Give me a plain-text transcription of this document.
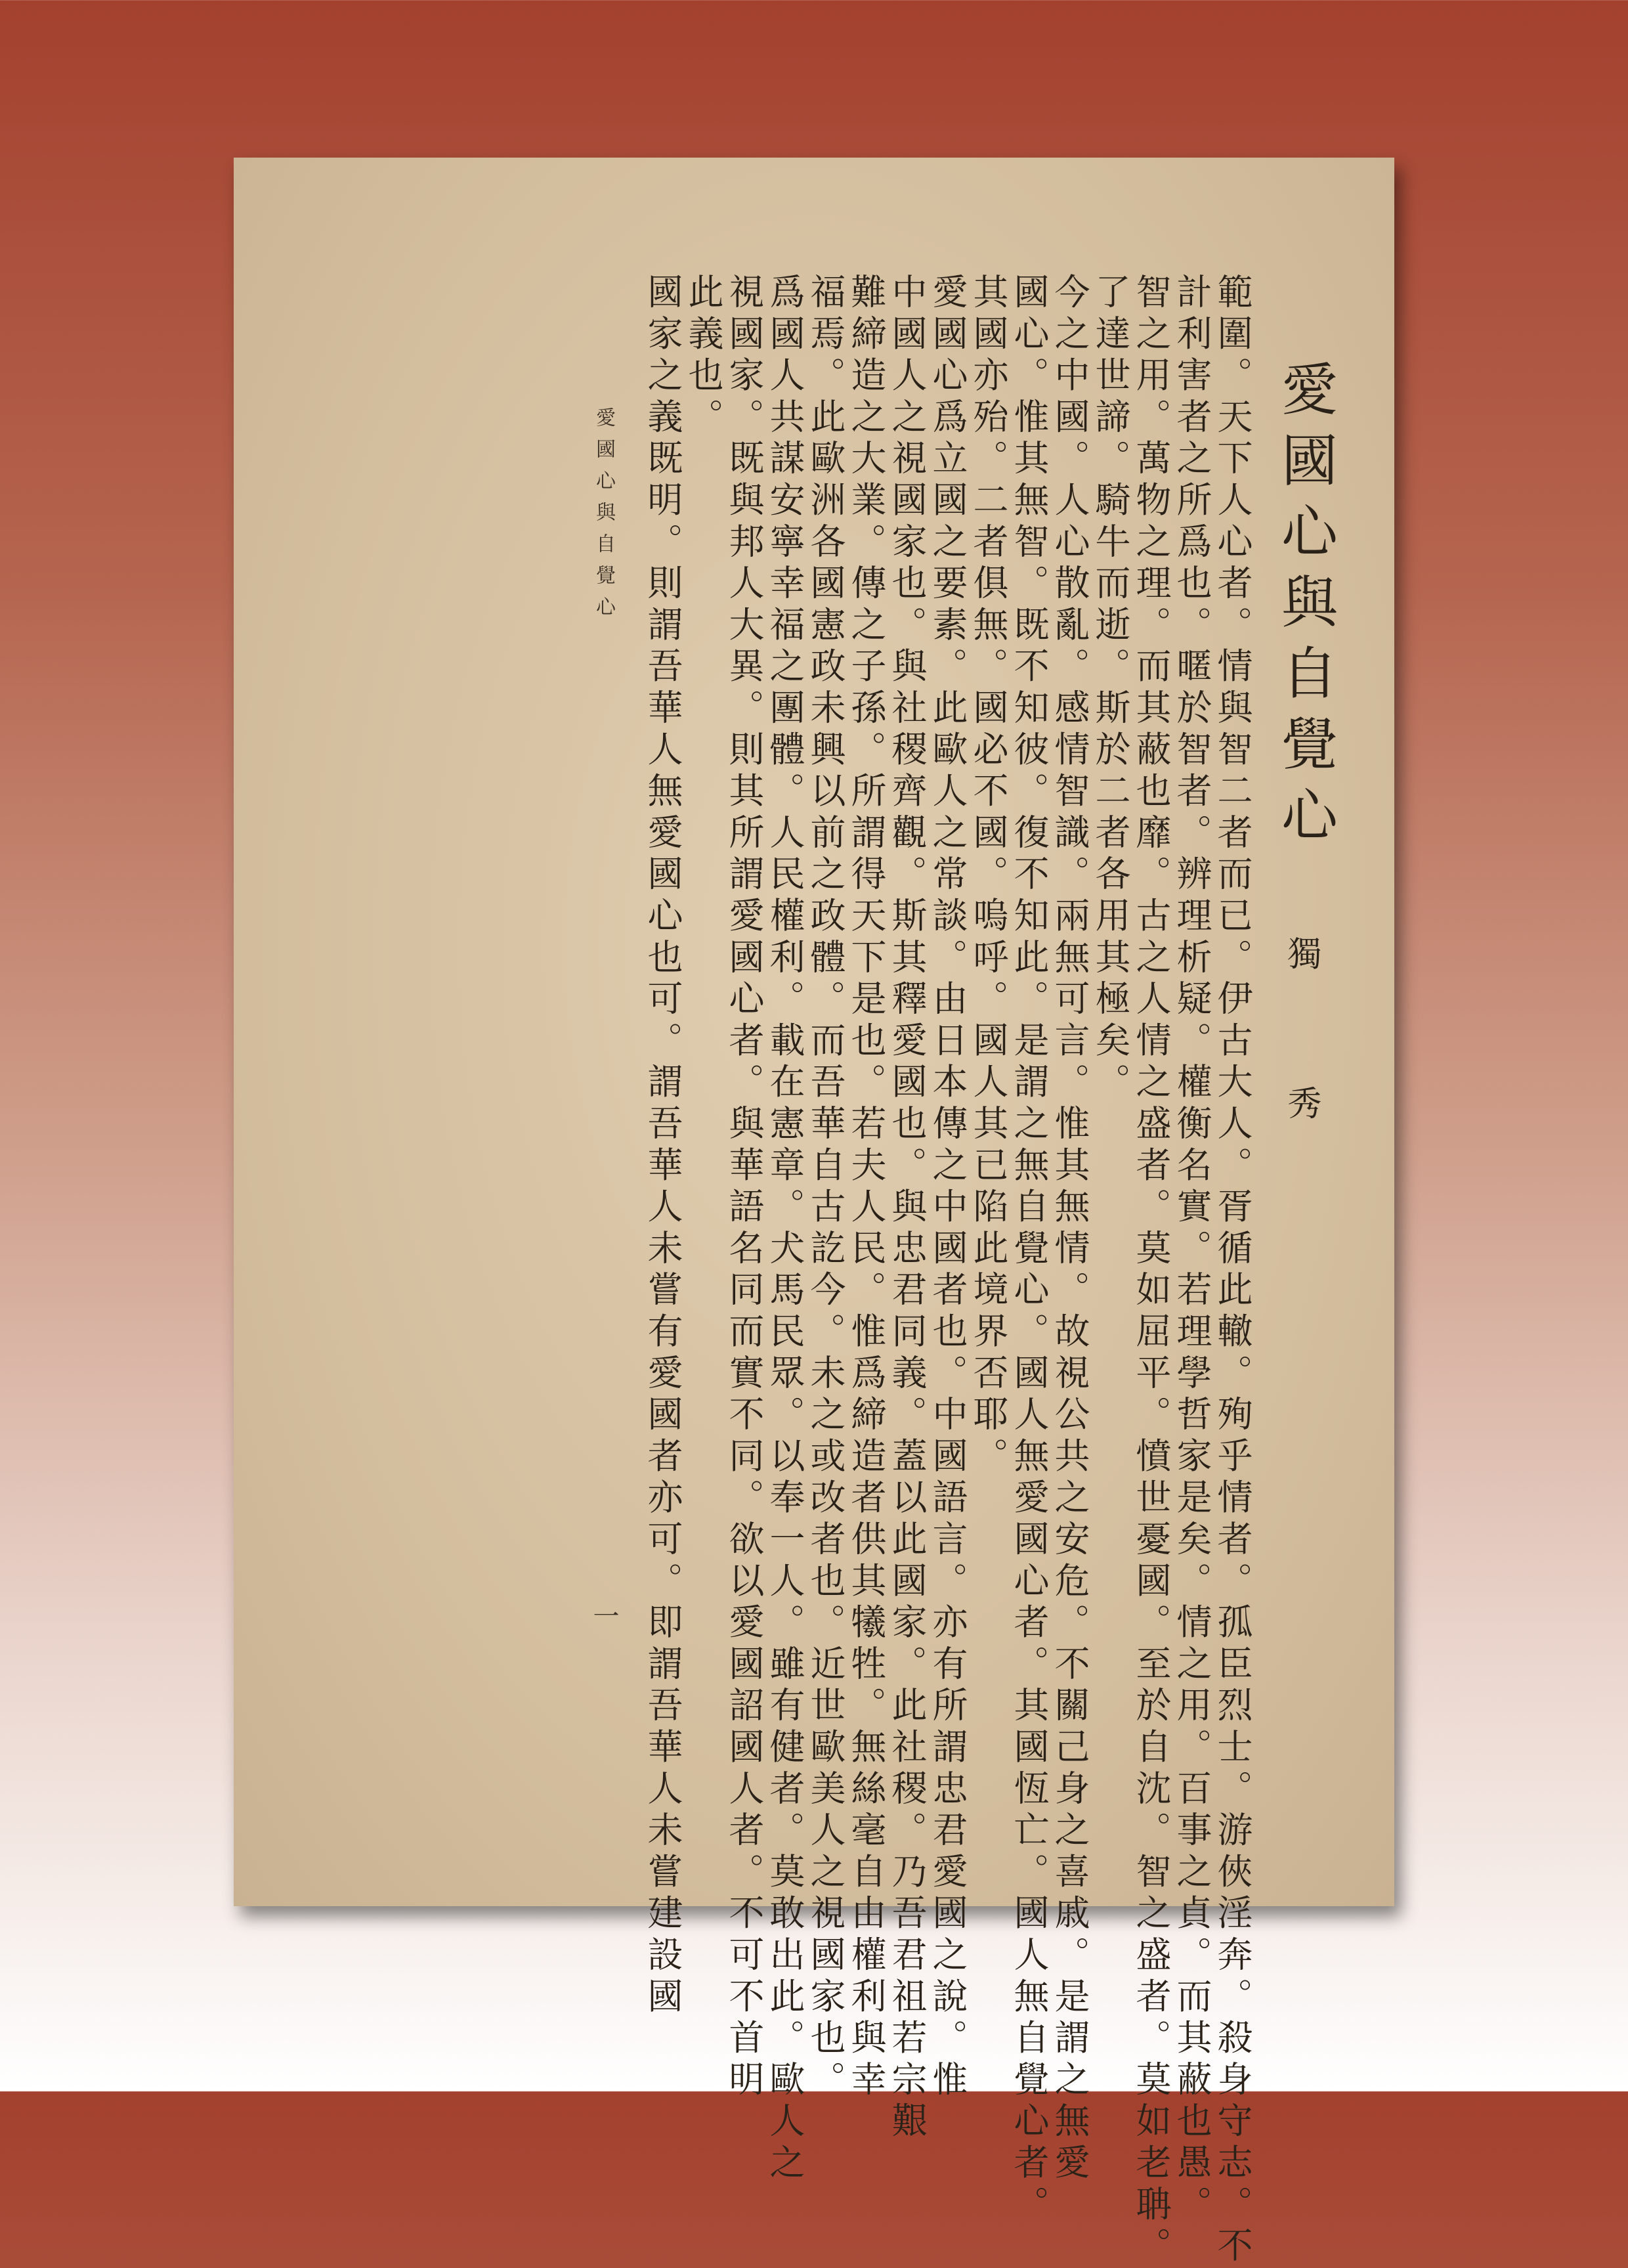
愛國心與自覺心
獨　秀
範圍。天下人心者。情與智二者而已。伊古大人。胥循此轍。殉乎情者。孤臣烈士。游俠淫奔。殺身守志。不
計利害者之所爲也。暱於智者。辨理析疑。權衡名實。若理學哲家是矣。情之用。百事之貞。而其蔽也愚。
智之用。萬物之理。而其蔽也靡。古之人情之盛者。莫如屈平。憤世憂國。至於自沈。智之盛者。莫如老聃。
了達世諦。騎牛而逝。斯於二者各用其極矣。
今之中國。人心散亂。感情智識。兩無可言。惟其無情。故視公共之安危。不關己身之喜戚。是謂之無愛
國心。惟其無智。既不知彼。復不知此。是謂之無自覺心。國人無愛國心者。其國恆亡。國人無自覺心者。
其國亦殆。二者俱無。國必不國。嗚呼。國人其已陷此境界否耶。
愛國心爲立國之要素。此歐人之常談。由日本傳之中國者也。中國語言。亦有所謂忠君愛國之說。惟
中國人之視國家也。與社稷齊觀。斯其釋愛國也。與忠君同義。蓋以此國家。此社稷。乃吾君祖若宗艱
難締造之大業。傳之子孫。所謂得天下是也。若夫人民。惟爲締造者供其犧牲。無絲毫自由權利與幸
福焉。此歐洲各國憲政未興以前之政體。而吾華自古訖今。未之或改者也。近世歐美人之視國家也。
爲國人共謀安寧幸福之團體。人民權利。載在憲章。犬馬民眾。以奉一人。雖有健者。莫敢出此。歐人之
視國家。既與邦人大異。則其所謂愛國心者。與華語名同而實不同。欲以愛國詔國人者。不可不首明
此義也。
國家之義既明。則謂吾華人無愛國心也可。謂吾華人未嘗有愛國者亦可。即謂吾華人未嘗建設國
愛國心與自覺心
一
